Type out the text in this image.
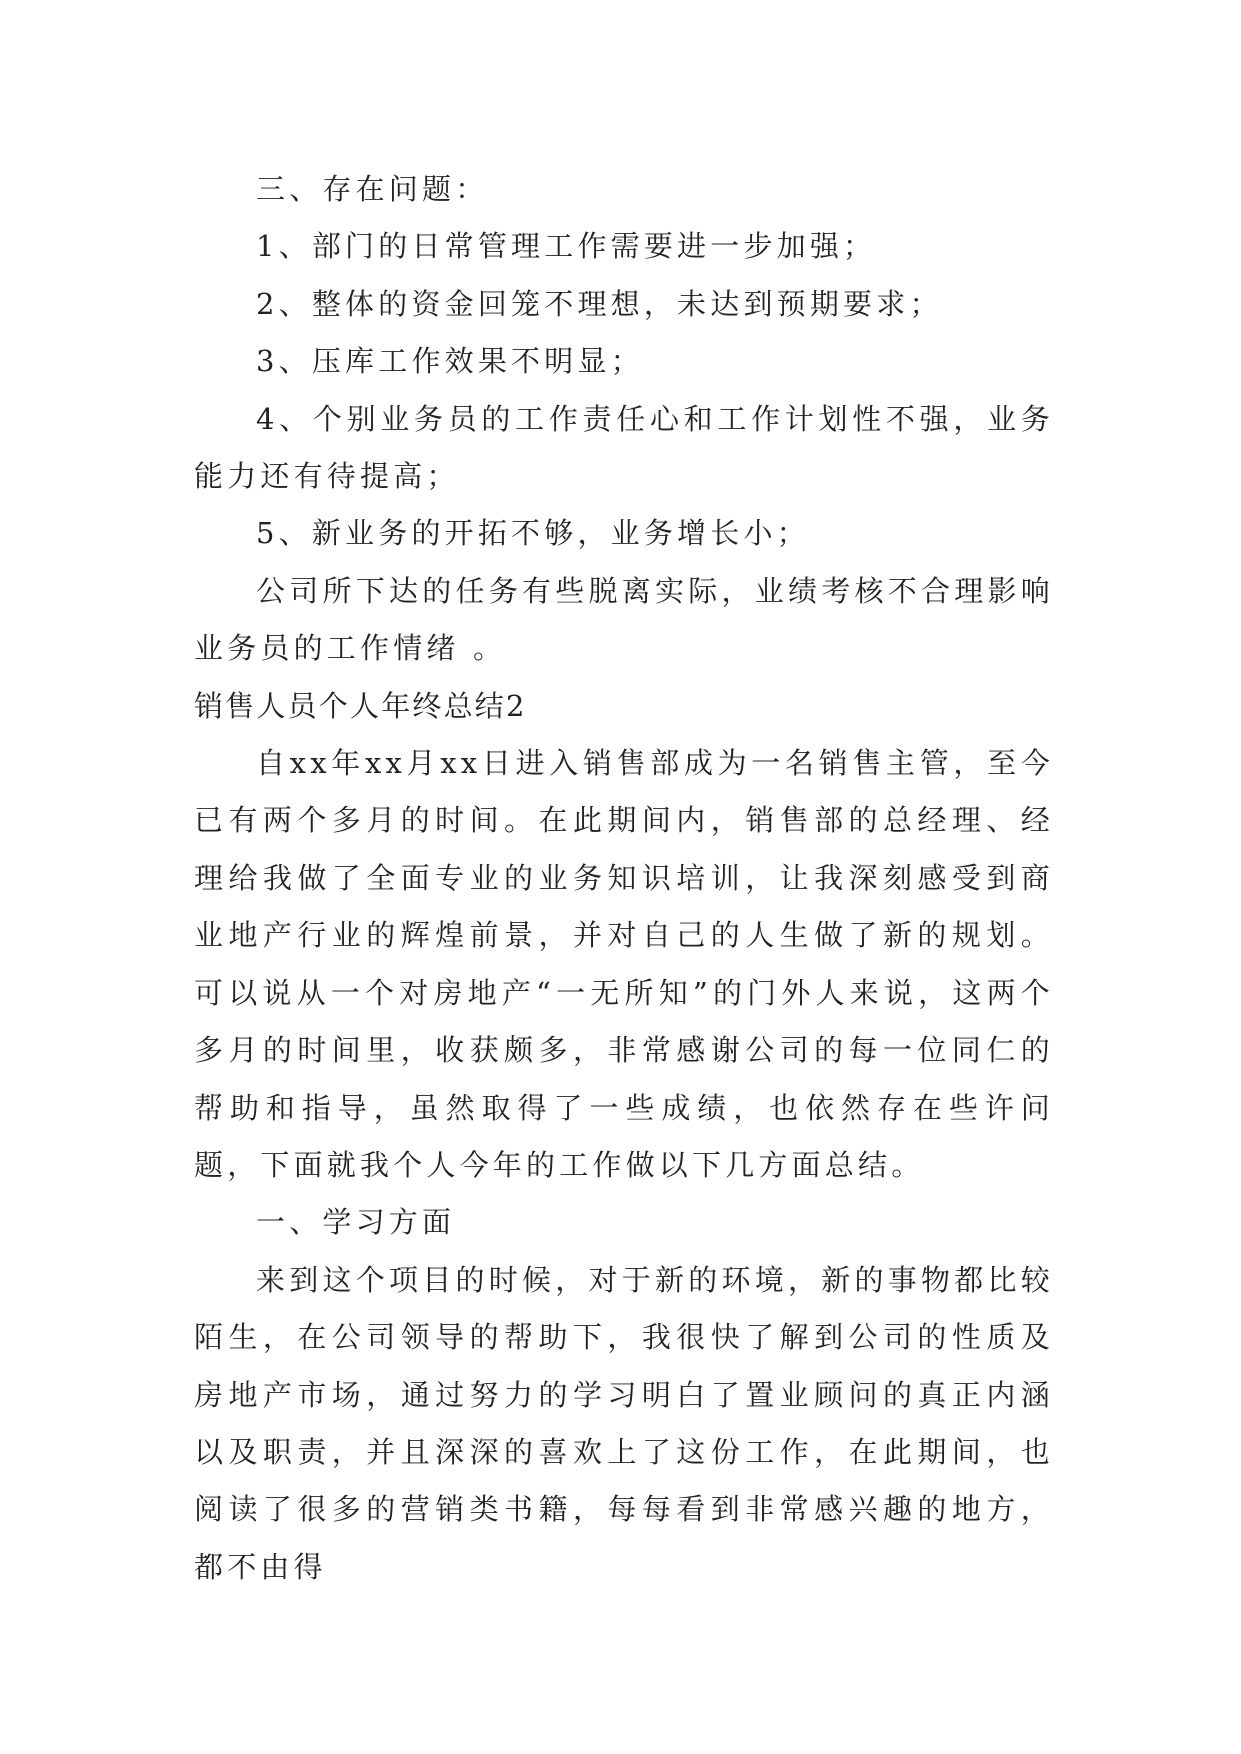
三、存在问题：

1、部门的日常管理工作需要进一步加强；

2、整体的资金回笼不理想，未达到预期要求；

3、压库工作效果不明显；

4、个别业务员的工作责任心和工作计划性不强，业务能力还有待提高；

5、新业务的开拓不够，业务增长小；

公司所下达的任务有些脱离实际，业绩考核不合理影响业务员的工作情绪 。

销售人员个人年终总结2

自xx年xx月xx日进入销售部成为一名销售主管，至今已有两个多月的时间。在此期间内，销售部的总经理、经理给我做了全面专业的业务知识培训，让我深刻感受到商业地产行业的辉煌前景，并对自己的人生做了新的规划。可以说从一个对房地产“一无所知”的门外人来说，这两个多月的时间里，收获颇多，非常感谢公司的每一位同仁的帮助和指导，虽然取得了一些成绩，也依然存在些许问题，下面就我个人今年的工作做以下几方面总结。

一、学习方面

来到这个项目的时候，对于新的环境，新的事物都比较陌生，在公司领导的帮助下，我很快了解到公司的性质及房地产市场，通过努力的学习明白了置业顾问的真正内涵以及职责，并且深深的喜欢上了这份工作，在此期间，也阅读了很多的营销类书籍，每每看到非常感兴趣的地方，都不由得
